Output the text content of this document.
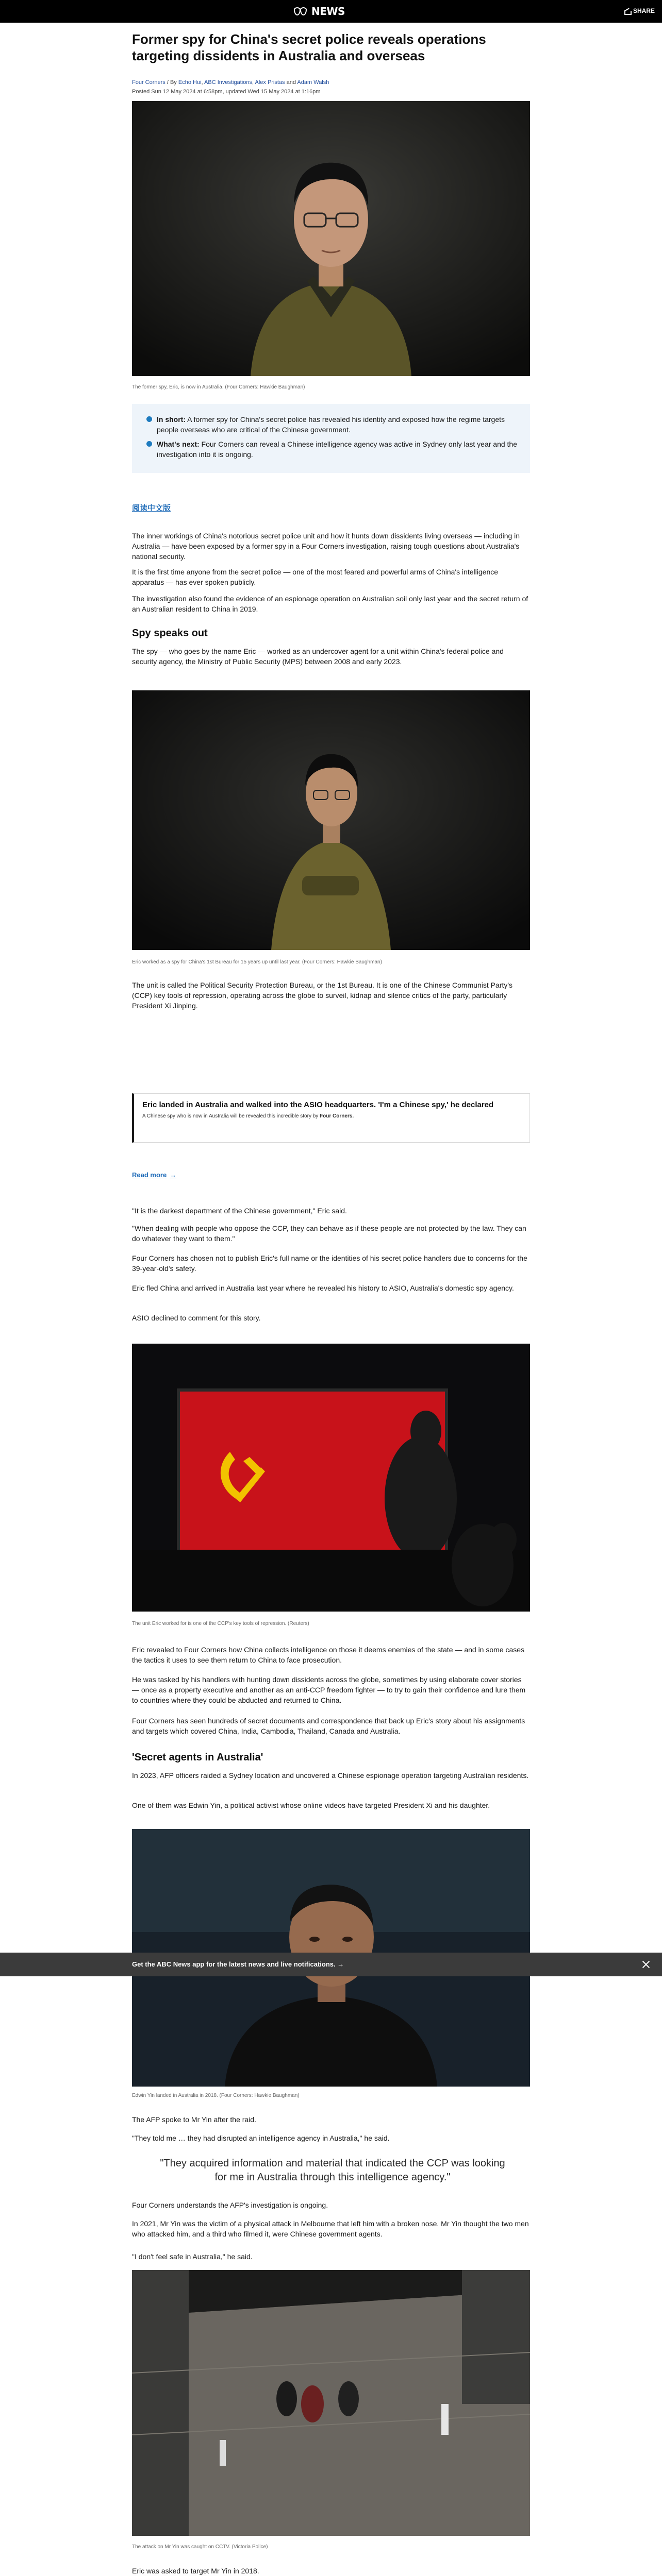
NEWS	SHARE
Former spy for China's secret police reveals operations targeting dissidents in Australia and overseas
Four Corners / By Echo Hui, ABC Investigations, Alex Pristas and Adam Walsh
Posted Sun 12 May 2024 at 6:58pm, updated Wed 15 May 2024 at 1:16pm
The former spy, Eric, is now in Australia. (Four Corners: Hawkie Baughman)
In short: A former spy for China's secret police has revealed his identity and exposed how the regime targets people overseas who are critical of the Chinese government.
What's next: Four Corners can reveal a Chinese intelligence agency was active in Sydney only last year and the investigation into it is ongoing.
阅读中文版

The inner workings of China's notorious secret police unit and how it hunts down dissidents living overseas — including in Australia — have been exposed by a former spy in a Four Corners investigation, raising tough questions about Australia's national security.

It is the first time anyone from the secret police — one of the most feared and powerful arms of China's intelligence apparatus — has ever spoken publicly.

The investigation also found the evidence of an espionage operation on Australian soil only last year and the secret return of an Australian resident to China in 2019.

Spy speaks out

The spy — who goes by the name Eric — worked as an undercover agent for a unit within China's federal police and security agency, the Ministry of Public Security (MPS) between 2008 and early 2023.

Eric worked as a spy for China's 1st Bureau for 15 years up until last year. (Four Corners: Hawkie Baughman)

The unit is called the Political Security Protection Bureau, or the 1st Bureau. It is one of the Chinese Communist Party's (CCP) key tools of repression, operating across the globe to surveil, kidnap and silence critics of the party, particularly President Xi Jinping.

Eric landed in Australia and walked into the ASIO headquarters. 'I'm a Chinese spy,' he declared
A Chinese spy who is now in Australia will be revealed this incredible story by Four Corners.
Read more →

"It is the darkest department of the Chinese government," Eric said.

"When dealing with people who oppose the CCP, they can behave as if these people are not protected by the law. They can do whatever they want to them."

Four Corners has chosen not to publish Eric's full name or the identities of his secret police handlers due to concerns for the 39-year-old's safety.

Eric fled China and arrived in Australia last year where he revealed his history to ASIO, Australia's domestic spy agency.

ASIO declined to comment for this story.

The unit Eric worked for is one of the CCP's key tools of repression. (Reuters)

Eric revealed to Four Corners how China collects intelligence on those it deems enemies of the state — and in some cases the tactics it uses to see them return to China to face prosecution.

He was tasked by his handlers with hunting down dissidents across the globe, sometimes by using elaborate cover stories — once as a property executive and another as an anti-CCP freedom fighter — to try to gain their confidence and lure them to countries where they could be abducted and returned to China.

Four Corners has seen hundreds of secret documents and correspondence that back up Eric's story about his assignments and targets which covered China, India, Cambodia, Thailand, Canada and Australia.

'Secret agents in Australia'

In 2023, AFP officers raided a Sydney location and uncovered a Chinese espionage operation targeting Australian residents.

One of them was Edwin Yin, a political activist whose online videos have targeted President Xi and his daughter.

Edwin Yin landed in Australia in 2018. (Four Corners: Hawkie Baughman)
Get the ABC News app for the latest news and live notifications. →

The AFP spoke to Mr Yin after the raid.

"They told me … they had disrupted an intelligence agency in Australia," he said.

"They acquired information and material that indicated the CCP was looking for me in Australia through this intelligence agency."

Four Corners understands the AFP's investigation is ongoing.

In 2021, Mr Yin was the victim of a physical attack in Melbourne that left him with a broken nose. Mr Yin thought the two men who attacked him, and a third who filmed it, were Chinese government agents.

"I don't feel safe in Australia," he said.

The attack on Mr Yin was caught on CCTV. (Victoria Police)

Eric was asked to target Mr Yin in 2018.
